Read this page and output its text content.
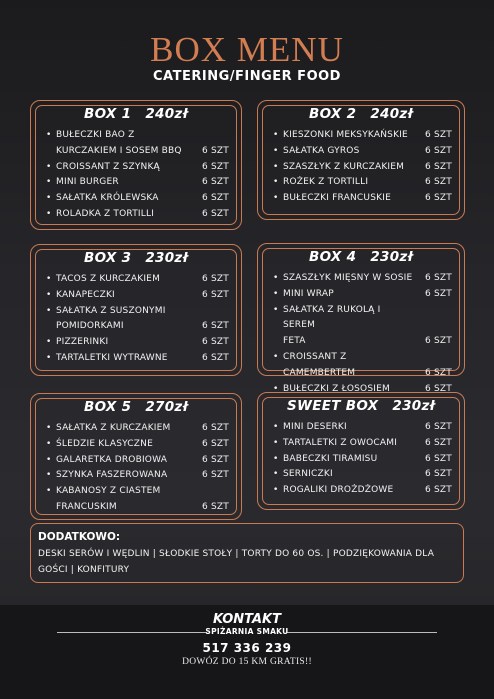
BOX MENU
CATERING/FINGER FOOD
BOX 1 240zł
• BUŁECZKI BAO Z
KURCZAKIEM I SOSEM BBQ	6 SZT
• CROISSANT Z SZYNKĄ	6 SZT
• MINI BURGER	6 SZT
• SAŁATKA KRÓLEWSKA	6 SZT
• ROLADKA Z TORTILLI	6 SZT
BOX 2 240zł
• KIESZONKI MEKSYKAŃSKIE	6 SZT
• SAŁATKA GYROS	6 SZT
• SZASZŁYK Z KURCZAKIEM	6 SZT
• ROŻEK Z TORTILLI	6 SZT
• BUŁECZKI FRANCUSKIE	6 SZT
BOX 3 230zł
• TACOS Z KURCZAKIEM	6 SZT
• KANAPECZKI	6 SZT
• SAŁATKA Z SUSZONYMI
POMIDORKAMI	6 SZT
• PIZZERINKI	6 SZT
• TARTALETKI WYTRAWNE	6 SZT
BOX 4 230zł
• SZASZŁYK MIĘSNY W SOSIE	6 SZT
• MINI WRAP	6 SZT
• SAŁATKA Z RUKOLĄ I SEREM
FETA	6 SZT
• CROISSANT Z CAMEMBERTEM	6 SZT
• BUŁECZKI Z ŁOSOSIEM	6 SZT
BOX 5 270zł
• SAŁATKA Z KURCZAKIEM	6 SZT
• ŚLEDZIE KLASYCZNE	6 SZT
• GALARETKA DROBIOWA	6 SZT
• SZYNKA FASZEROWANA	6 SZT
• KABANOSY Z CIASTEM
FRANCUSKIM	6 SZT
SWEET BOX 230zł
• MINI DESERKI	6 SZT
• TARTALETKI Z OWOCAMI	6 SZT
• BABECZKI TIRAMISU	6 SZT
• SERNICZKI	6 SZT
• ROGALIKI DROŻDŻOWE	6 SZT
DODATKOWO:
DESKI SERÓW I WĘDLIN | SŁODKIE STOŁY | TORTY DO 60 OS. | PODZIĘKOWANIA DLA GOŚCI | KONFITURY
KONTAKT
SPIŻARNIA SMAKU
517 336 239
DOWÓZ DO 15 KM GRATIS!!
